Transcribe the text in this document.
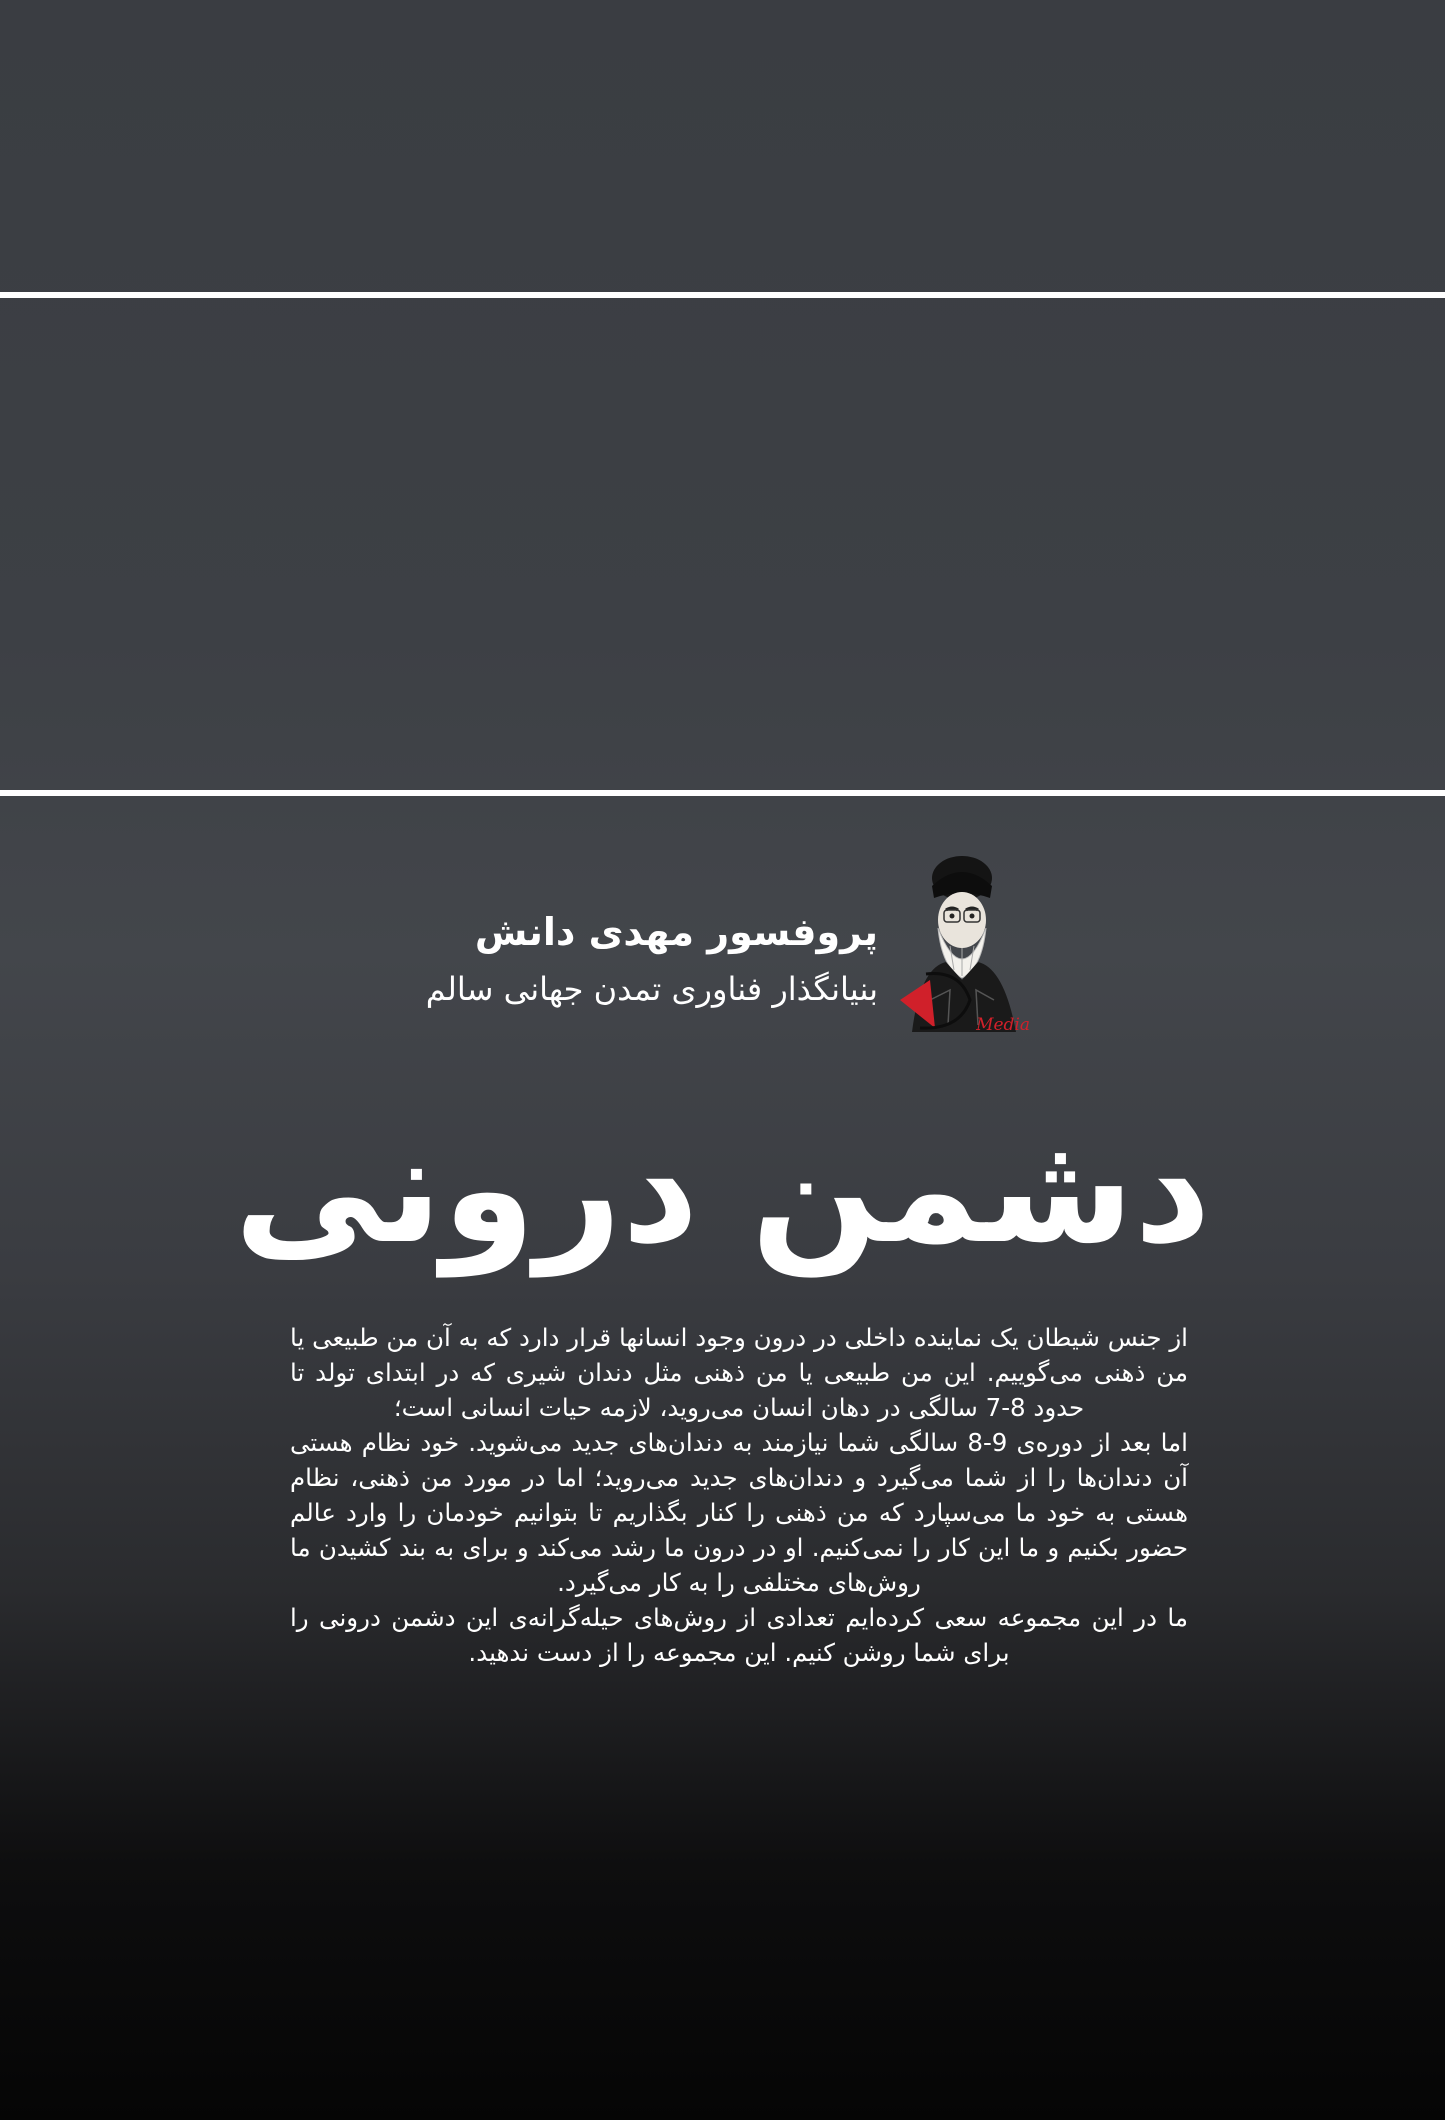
پروفسور مهدی دانش
بنیانگذار فناوری تمدن جهانی سالم
Media
دشمن درونی

از جنس شیطان یک نماینده داخلی در درون وجود انسانها قرار دارد که به آن من طبیعی یا من ذهنی می‌گوییم. این من طبیعی یا من ذهنی مثل دندان شیری که در ابتدای تولد تا حدود 8-7 سالگی در دهان انسان می‌روید، لازمه حیات انسانی است؛

اما بعد از دوره‌ی 9-8 سالگی شما نیازمند به دندان‌های جدید می‌شوید. خود نظام هستی آن دندان‌ها را از شما می‌گیرد و دندان‌های جدید می‌روید؛ اما در مورد من ذهنی، نظام هستی به خود ما می‌سپارد که من ذهنی را کنار بگذاریم تا بتوانیم خودمان را وارد عالم حضور بکنیم و ما این کار را نمی‌کنیم. او در درون ما رشد می‌کند و برای به بند کشیدن ما روش‌های مختلفی را به کار می‌گیرد.

ما در این مجموعه سعی کرده‌ایم تعدادی از روش‌های حیله‌گرانه‌ی این دشمن درونی را برای شما روشن کنیم. این مجموعه را از دست ندهید.
